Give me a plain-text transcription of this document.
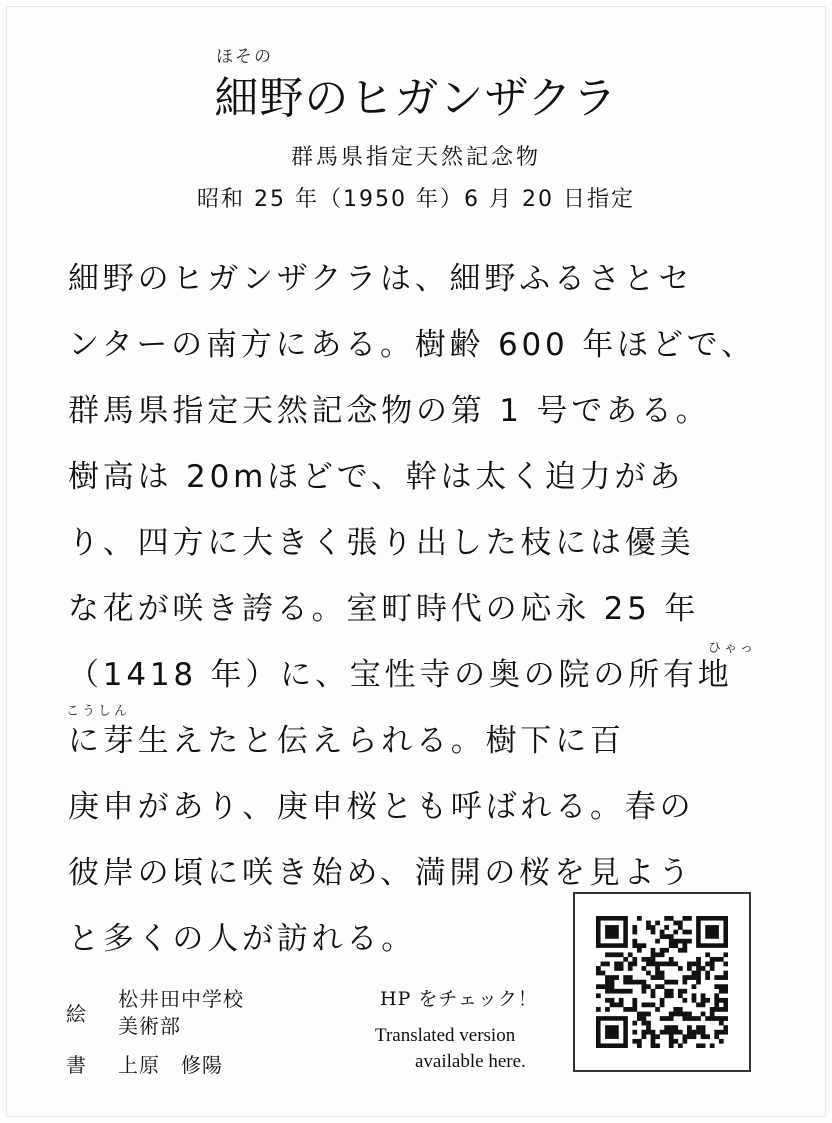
ほその
細野のヒガンザクラ
群馬県指定天然記念物
昭和 25 年（1950 年）6 月 20 日指定
細野のヒガンザクラは、細野ふるさとセ
ンターの南方にある。樹齢 600 年ほどで、
群馬県指定天然記念物の第 1 号である。
樹高は 20mほどで、幹は太く迫力があ
り、四方に大きく張り出した枝には優美
な花が咲き誇る。室町時代の応永 25 年
（1418 年）に、宝性寺の奥の院の所有地
に芽生えたと伝えられる。樹下に百
庚申があり、庚申桜とも呼ばれる。春の
彼岸の頃に咲き始め、満開の桜を見よう
と多くの人が訪れる。
ひゃっ
こうしん
絵
松井田中学校
美術部
書 上原　修陽
HP をチェック！
Translated version
available here.
